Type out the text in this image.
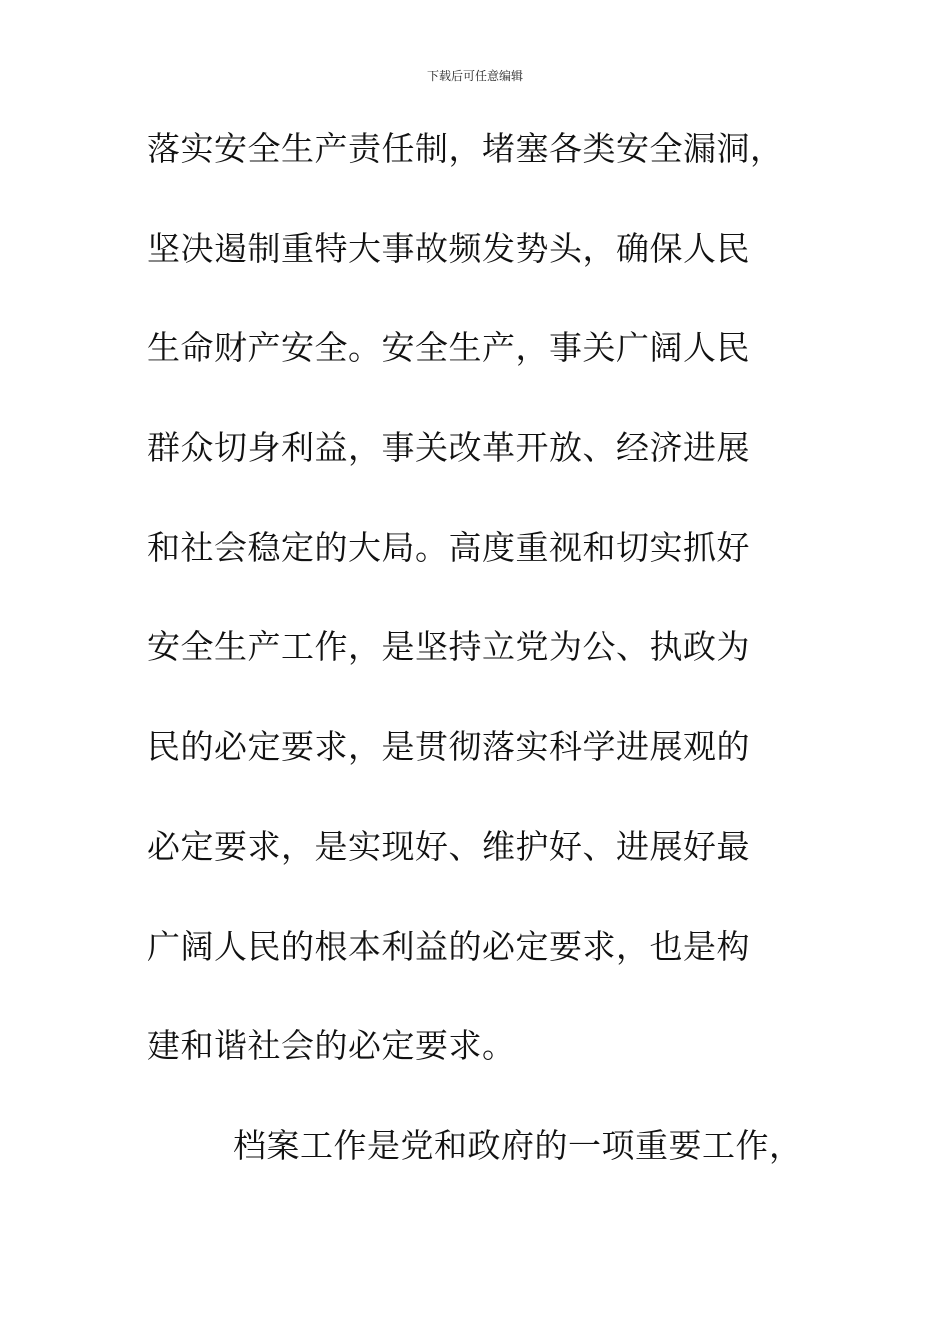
下载后可任意编辑
落实安全生产责任制，堵塞各类安全漏洞，
坚决遏制重特大事故频发势头，确保人民
生命财产安全。安全生产，事关广阔人民
群众切身利益，事关改革开放、经济进展
和社会稳定的大局。高度重视和切实抓好
安全生产工作，是坚持立党为公、执政为
民的必定要求，是贯彻落实科学进展观的
必定要求，是实现好、维护好、进展好最
广阔人民的根本利益的必定要求，也是构
建和谐社会的必定要求。
档案工作是党和政府的一项重要工作，
